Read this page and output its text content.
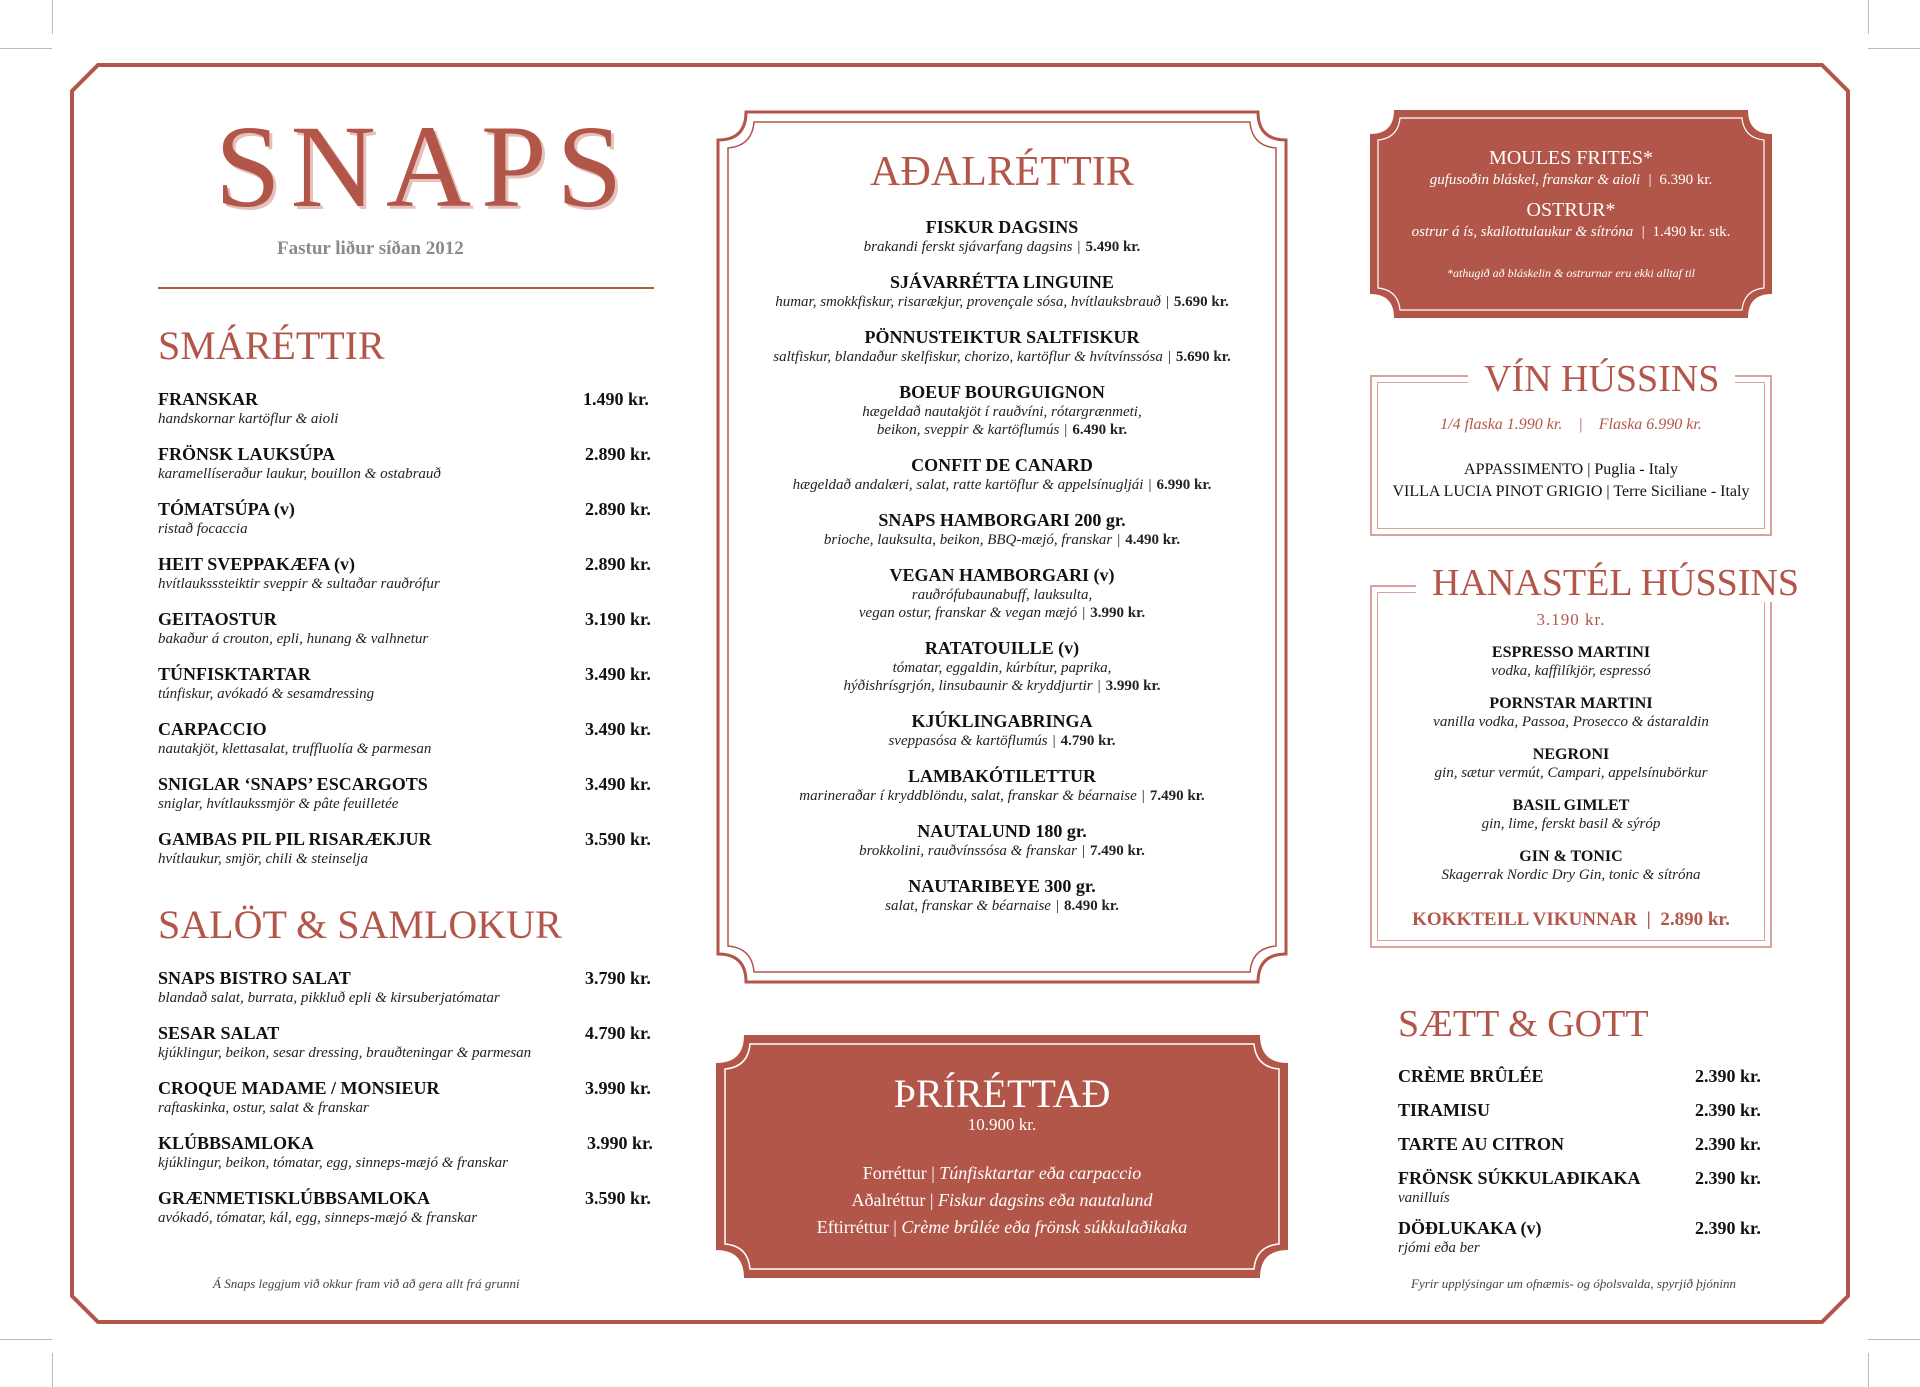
SNAPS
Fastur liður síðan 2012
SMÁRÉTTIR
FRANSKAR
handskornar kartöflur & aioli
1.490 kr.
FRÖNSK LAUKSÚPA
karamellíseraður laukur, bouillon & ostabrauð
2.890 kr.
TÓMATSÚPA (v)
ristað focaccia
2.890 kr.
HEIT SVEPPAKÆFA (v)
hvítlauksssteiktir sveppir & sultaðar rauðrófur
2.890 kr.
GEITAOSTUR
bakaður á crouton, epli, hunang & valhnetur
3.190 kr.
TÚNFISKTARTAR
túnfiskur, avókadó & sesamdressing
3.490 kr.
CARPACCIO
nautakjöt, klettasalat, truffluolía & parmesan
3.490 kr.
SNIGLAR ‘SNAPS’ ESCARGOTS
sniglar, hvítlaukssmjör & pâte feuilletée
3.490 kr.
GAMBAS PIL PIL RISARÆKJUR
hvítlaukur, smjör, chili & steinselja
3.590 kr.
SALÖT & SAMLOKUR
SNAPS BISTRO SALAT
blandað salat, burrata, pikkluð epli & kirsuberjatómatar
3.790 kr.
SESAR SALAT
kjúklingur, beikon, sesar dressing, brauðteningar & parmesan
4.790 kr.
CROQUE MADAME / MONSIEUR
raftaskinka, ostur, salat & franskar
3.990 kr.
KLÚBBSAMLOKA
kjúklingur, beikon, tómatar, egg, sinneps-mæjó & franskar
3.990 kr.
GRÆNMETISKLÚBBSAMLOKA
avókadó, tómatar, kál, egg, sinneps-mæjó & franskar
3.590 kr.
Á Snaps leggjum við okkur fram við að gera allt frá grunni
AÐALRÉTTIR
FISKUR DAGSINS
brakandi ferskt sjávarfang dagsins | 5.490 kr.
SJÁVARRÉTTA LINGUINE
humar, smokkfiskur, risarækjur, provençale sósa, hvítlauksbrauð | 5.690 kr.
PÖNNUSTEIKTUR SALTFISKUR
saltfiskur, blandaður skelfiskur, chorizo, kartöflur & hvítvínssósa | 5.690 kr.
BOEUF BOURGUIGNON
hægeldað nautakjöt í rauðvíni, rótargrænmeti,
beikon, sveppir & kartöflumús | 6.490 kr.
CONFIT DE CANARD
hægeldað andalæri, salat, ratte kartöflur & appelsínugljái | 6.990 kr.
SNAPS HAMBORGARI 200 gr.
brioche, lauksulta, beikon, BBQ-mæjó, franskar | 4.490 kr.
VEGAN HAMBORGARI (v)
rauðrófubaunabuff, lauksulta,
vegan ostur, franskar & vegan mæjó | 3.990 kr.
RATATOUILLE (v)
tómatar, eggaldin, kúrbítur, paprika,
hýðishrísgrjón, linsubaunir & kryddjurtir | 3.990 kr.
KJÚKLINGABRINGA
sveppasósa & kartöflumús | 4.790 kr.
LAMBAKÓTILETTUR
marineraðar í kryddblöndu, salat, franskar & béarnaise | 7.490 kr.
NAUTALUND 180 gr.
brokkolini, rauðvínssósa & franskar | 7.490 kr.
NAUTARIBEYE 300 gr.
salat, franskar & béarnaise | 8.490 kr.
ÞRÍRÉTTAÐ
10.900 kr.
Forréttur | Túnfisktartar eða carpaccio
Aðalréttur | Fiskur dagsins eða nautalund
Eftirréttur | Crème brûlée eða frönsk súkkulaðikaka
MOULES FRITES*
gufusoðin bláskel, franskar & aioli  |  6.390 kr.
OSTRUR*
ostrur á ís, skallottulaukur & sítróna  |  1.490 kr. stk.
*athugið að bláskelin & ostrurnar eru ekki alltaf til
VÍN HÚSSINS
1/4 flaska 1.990 kr.    |    Flaska 6.990 kr.
APPASSIMENTO | Puglia - Italy
VILLA LUCIA PINOT GRIGIO | Terre Siciliane - Italy
HANASTÉL HÚSSINS
3.190 kr.
ESPRESSO MARTINI
vodka, kaffilíkjör, espressó
PORNSTAR MARTINI
vanilla vodka, Passoa, Prosecco & ástaraldin
NEGRONI
gin, sætur vermút, Campari, appelsínubörkur
BASIL GIMLET
gin, lime, ferskt basil & sýróp
GIN & TONIC
Skagerrak Nordic Dry Gin, tonic & sítróna
KOKKTEILL VIKUNNAR  |  2.890 kr.
SÆTT & GOTT
CRÈME BRÛLÉE	2.390 kr.
TIRAMISU	2.390 kr.
TARTE AU CITRON	2.390 kr.
FRÖNSK SÚKKULAÐIKAKA
vanilluís
2.390 kr.
DÖÐLUKAKA (v)
rjómi eða ber
2.390 kr.
Fyrir upplýsingar um ofnæmis- og óþolsvalda, spyrjið þjóninn
